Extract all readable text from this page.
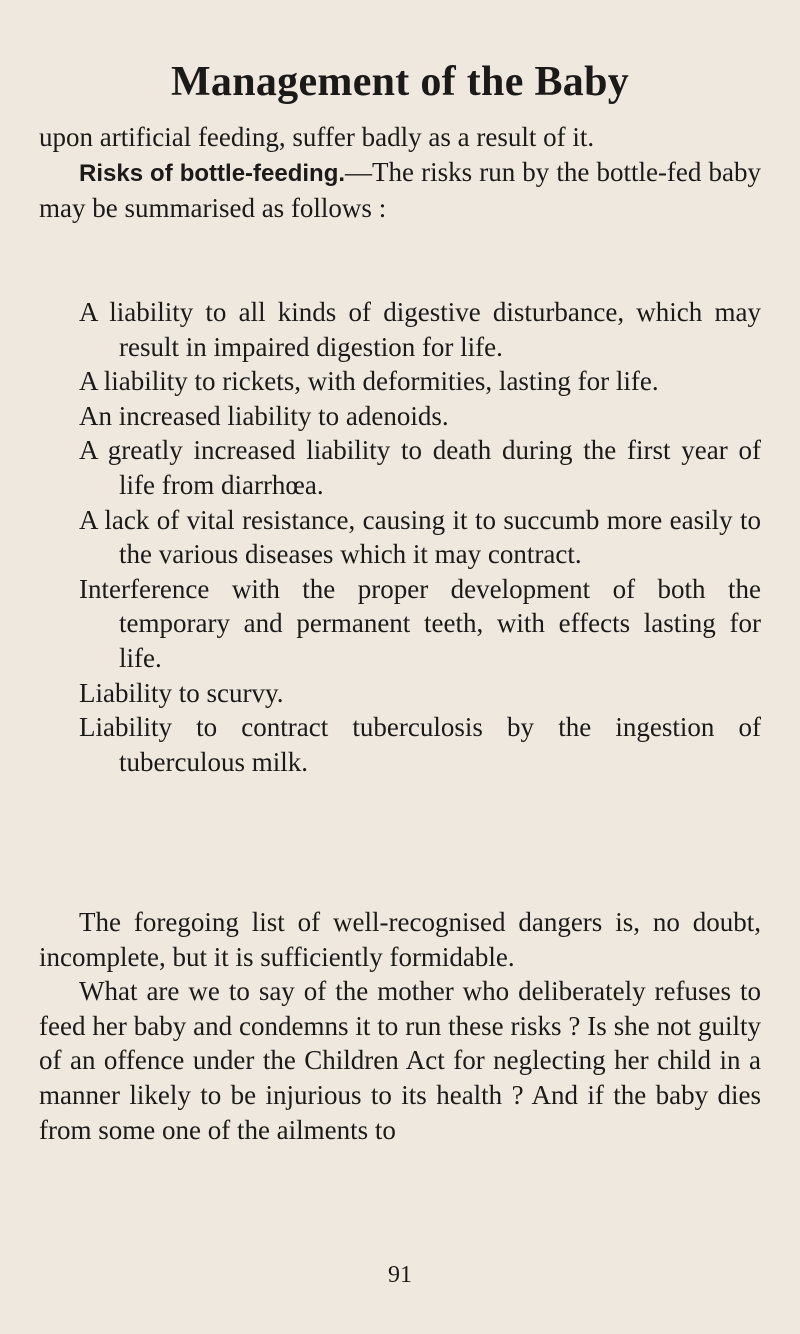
Management of the Baby

upon artificial feeding, suffer badly as a result of it.

Risks of bottle-feeding.—The risks run by the bottle-fed baby may be summarised as follows :

A liability to all kinds of digestive disturbance, which may result in impaired digestion for life.

A liability to rickets, with deformities, lasting for life.

An increased liability to adenoids.

A greatly increased liability to death during the first year of life from diarrhœa.

A lack of vital resistance, causing it to succumb more easily to the various diseases which it may contract.

Interference with the proper development of both the temporary and permanent teeth, with effects lasting for life.

Liability to scurvy.

Liability to contract tuberculosis by the ingestion of tuberculous milk.

The foregoing list of well-recognised dangers is, no doubt, incomplete, but it is sufficiently formidable.

What are we to say of the mother who deliberately refuses to feed her baby and condemns it to run these risks ? Is she not guilty of an offence under the Children Act for neglecting her child in a manner likely to be injurious to its health ? And if the baby dies from some one of the ailments to

91
